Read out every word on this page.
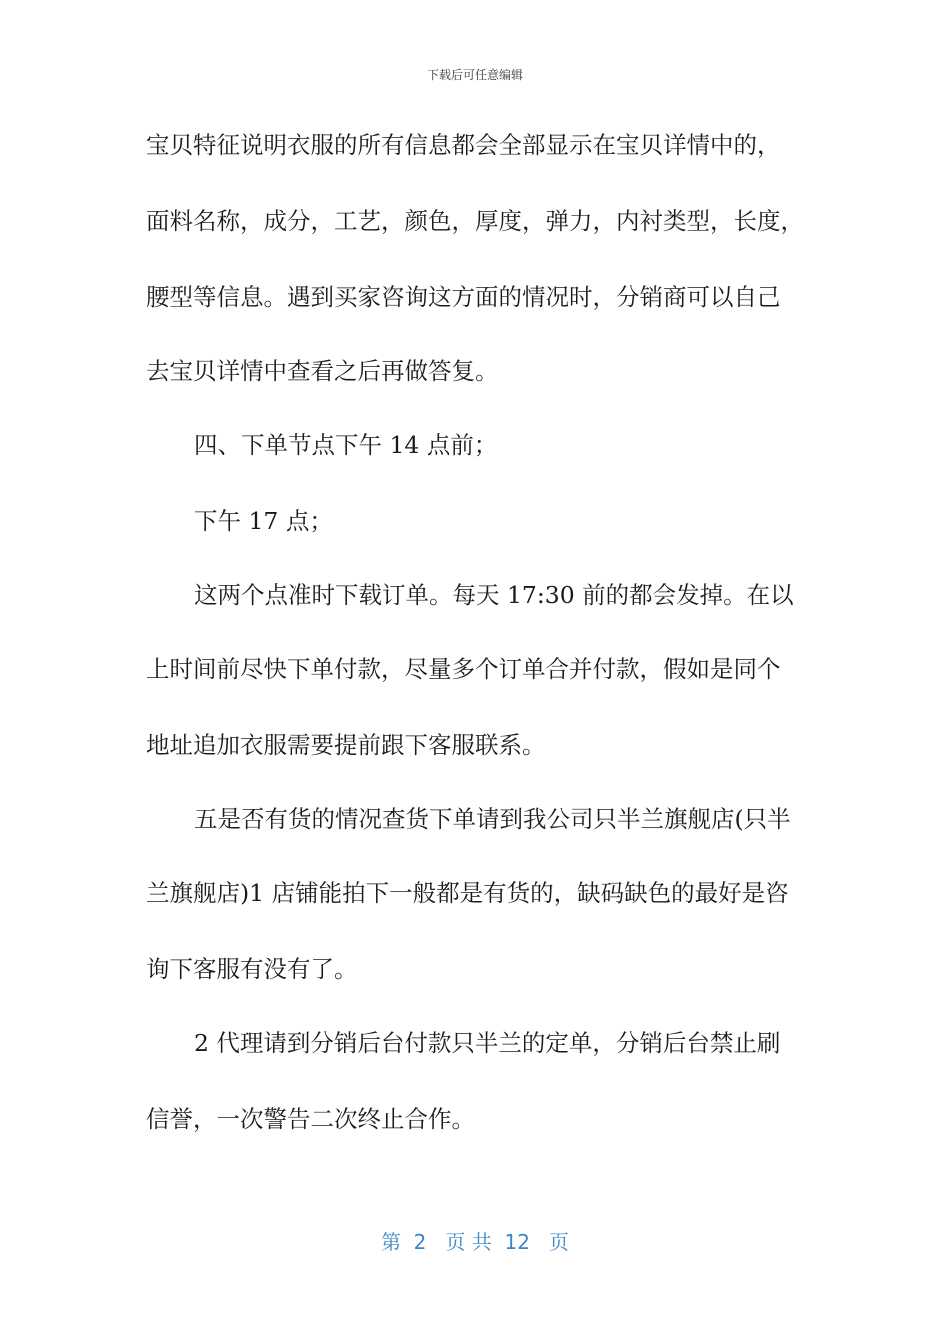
下载后可任意编辑
宝贝特征说明衣服的所有信息都会全部显示在宝贝详情中的，
面料名称，成分，工艺，颜色，厚度，弹力，内衬类型，长度，
腰型等信息。遇到买家咨询这方面的情况时，分销商可以自己
去宝贝详情中查看之后再做答复。
四、下单节点下午 14 点前；
下午 17 点；
这两个点准时下载订单。每天 17:30 前的都会发掉。在以
上时间前尽快下单付款，尽量多个订单合并付款，假如是同个
地址追加衣服需要提前跟下客服联系。
五是否有货的情况查货下单请到我公司只半兰旗舰店(只半
兰旗舰店)1 店铺能拍下一般都是有货的，缺码缺色的最好是咨
询下客服有没有了。
2 代理请到分销后台付款只半兰的定单，分销后台禁止刷
信誉，一次警告二次终止合作。
第  2   页 共  12   页
